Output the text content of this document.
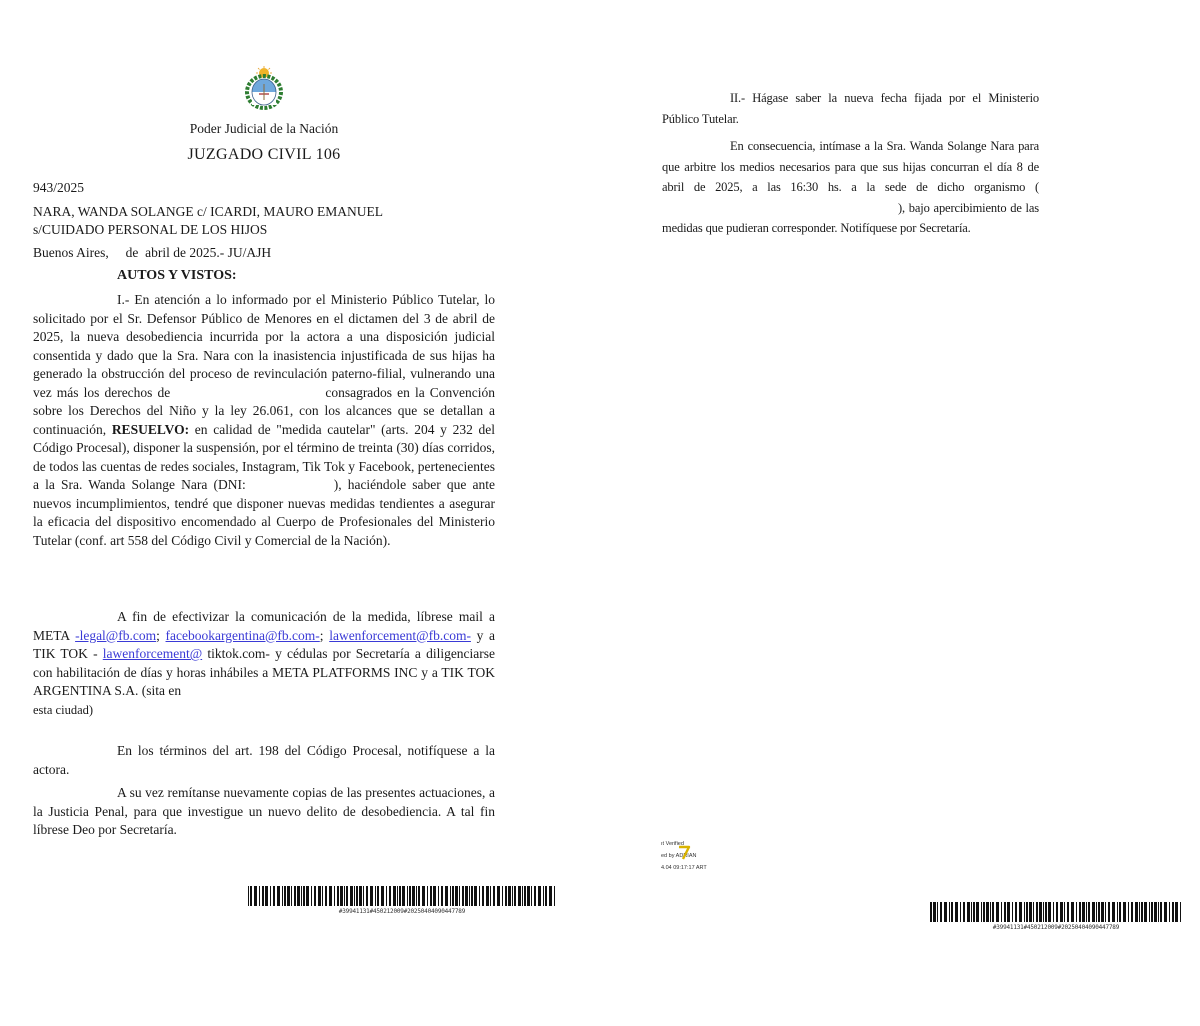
Poder Judicial de la Nación
JUZGADO CIVIL 106
943/2025
NARA, WANDA SOLANGE c/ ICARDI, MAURO EMANUEL
s/CUIDADO PERSONAL DE LOS HIJOS
Buenos Aires,     de  abril de 2025.- JU/AJH
AUTOS Y VISTOS:

I.- En atención a lo informado por el Ministerio Público Tutelar, lo solicitado por el Sr. Defensor Público de Menores en el dictamen del 3 de abril de 2025, la nueva desobediencia incurrida por la actora a una disposición judicial consentida y dado que la Sra. Nara con la inasistencia injustificada de sus hijas ha generado la obstrucción del proceso de revinculación paterno-filial, vulnerando una vez más los derechos de	consagrados en la Convención sobre los Derechos del Niño y la ley 26.061, con los alcances que se detallan a continuación, RESUELVO: en calidad de "medida cautelar" (arts. 204 y 232 del Código Procesal), disponer la suspensión, por el término de treinta (30) días corridos, de todos las cuentas de redes sociales, Instagram, Tik Tok y Facebook, pertenecientes a la Sra. Wanda Solange Nara (DNI:	), haciéndole saber que ante nuevos incumplimientos, tendré que disponer nuevas medidas tendientes a asegurar la eficacia del dispositivo encomendado al Cuerpo de Profesionales del Ministerio Tutelar (conf. art 558 del Código Civil y Comercial de la Nación).

A fin de efectivizar la comunicación de la medida, líbrese mail a META -legal@fb.com; facebookargentina@fb.com-; lawenforcement@fb.com- y a TIK TOK - lawenforcement@ tiktok.com- y cédulas por Secretaría a diligenciarse con habilitación de días y horas inhábiles a META PLATFORMS INC y a TIK TOK ARGENTINA S.A. (sita en

esta ciudad)

En los términos del art. 198 del Código Procesal, notifíquese a la actora.

A su vez remítanse nuevamente copias de las presentes actuaciones, a la Justicia Penal, para que investigue un nuevo delito de desobediencia. A tal fin líbrese Deo por Secretaría.

#39941131#450212009#20250404090447789

II.- Hágase saber la nueva fecha fijada por el Ministerio Público Tutelar.

En consecuencia, intímase a la Sra. Wanda Solange Nara para que arbitre los medios necesarios para que sus hijas concurran el día 8 de abril de 2025, a las 16:30 hs. a la sede de dicho organismo (), bajo apercibimiento de las medidas que pudieran corresponder. Notifíquese por Secretaría.

ıt Verified
ed by ADRIAN
4.04 09:17:17 ART
#39941131#450212009#20250404090447789
